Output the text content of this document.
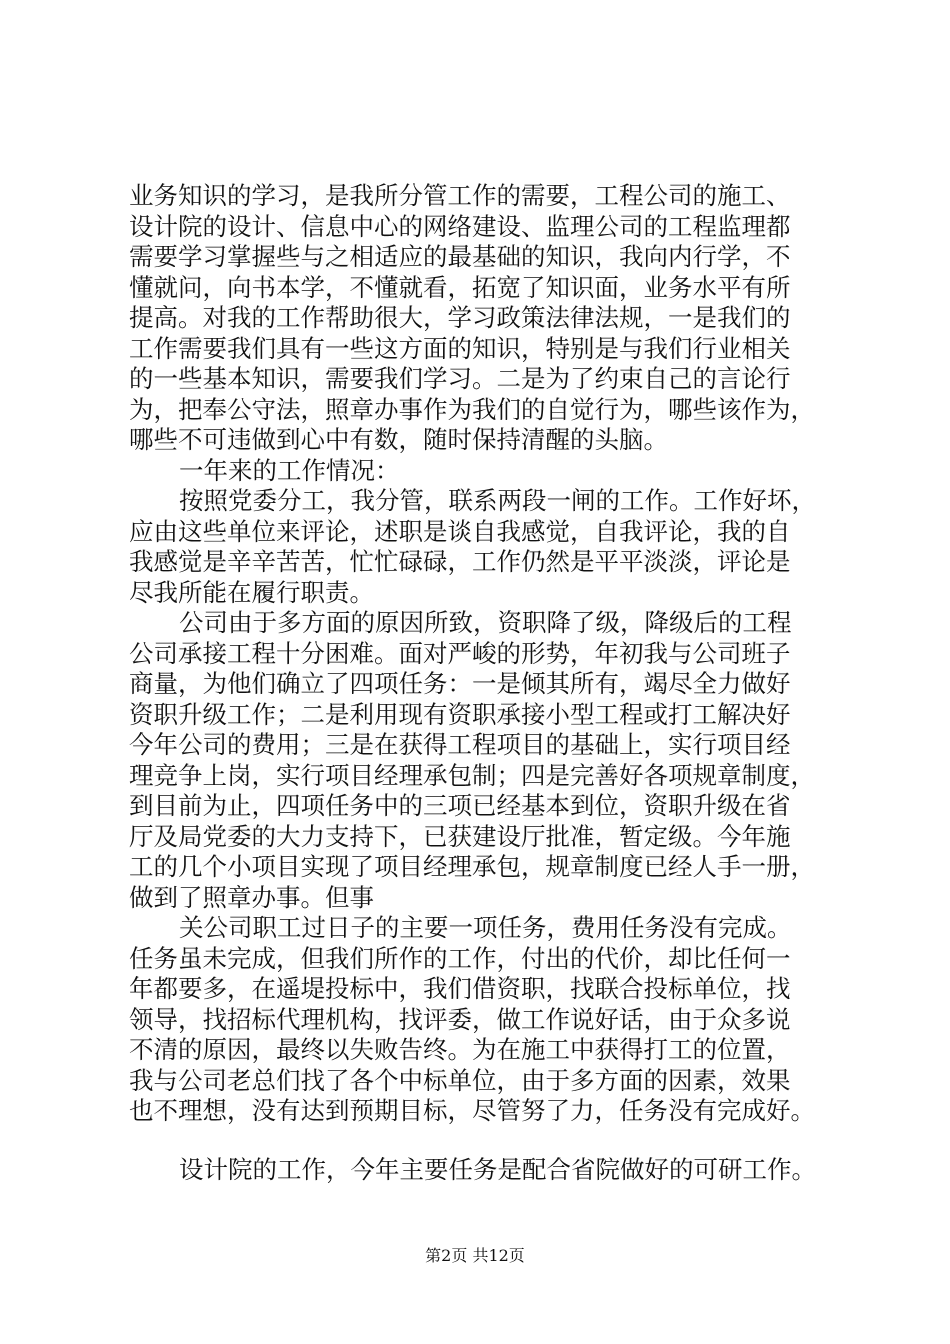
业务知识的学习，是我所分管工作的需要，工程公司的施工、
设计院的设计、信息中心的网络建设、监理公司的工程监理都
需要学习掌握些与之相适应的最基础的知识，我向内行学，不
懂就问，向书本学，不懂就看，拓宽了知识面，业务水平有所
提高。对我的工作帮助很大，学习政策法律法规，一是我们的
工作需要我们具有一些这方面的知识，特别是与我们行业相关
的一些基本知识，需要我们学习。二是为了约束自己的言论行
为，把奉公守法，照章办事作为我们的自觉行为，哪些该作为，
哪些不可违做到心中有数，随时保持清醒的头脑。
一年来的工作情况：
按照党委分工，我分管，联系两段一闸的工作。工作好坏，
应由这些单位来评论，述职是谈自我感觉，自我评论，我的自
我感觉是辛辛苦苦，忙忙碌碌，工作仍然是平平淡淡，评论是
尽我所能在履行职责。
公司由于多方面的原因所致，资职降了级，降级后的工程
公司承接工程十分困难。面对严峻的形势，年初我与公司班子
商量，为他们确立了四项任务：一是倾其所有，竭尽全力做好
资职升级工作；二是利用现有资职承接小型工程或打工解决好
今年公司的费用；三是在获得工程项目的基础上，实行项目经
理竞争上岗，实行项目经理承包制；四是完善好各项规章制度，
到目前为止，四项任务中的三项已经基本到位，资职升级在省
厅及局党委的大力支持下，已获建设厅批准，暂定级。今年施
工的几个小项目实现了项目经理承包，规章制度已经人手一册，
做到了照章办事。但事
关公司职工过日子的主要一项任务，费用任务没有完成。
任务虽未完成，但我们所作的工作，付出的代价，却比任何一
年都要多，在遥堤投标中，我们借资职，找联合投标单位，找
领导，找招标代理机构，找评委，做工作说好话，由于众多说
不清的原因，最终以失败告终。为在施工中获得打工的位置，
我与公司老总们找了各个中标单位，由于多方面的因素，效果
也不理想，没有达到预期目标，尽管努了力，任务没有完成好。
设计院的工作，今年主要任务是配合省院做好的可研工作。
第2页 共12页
